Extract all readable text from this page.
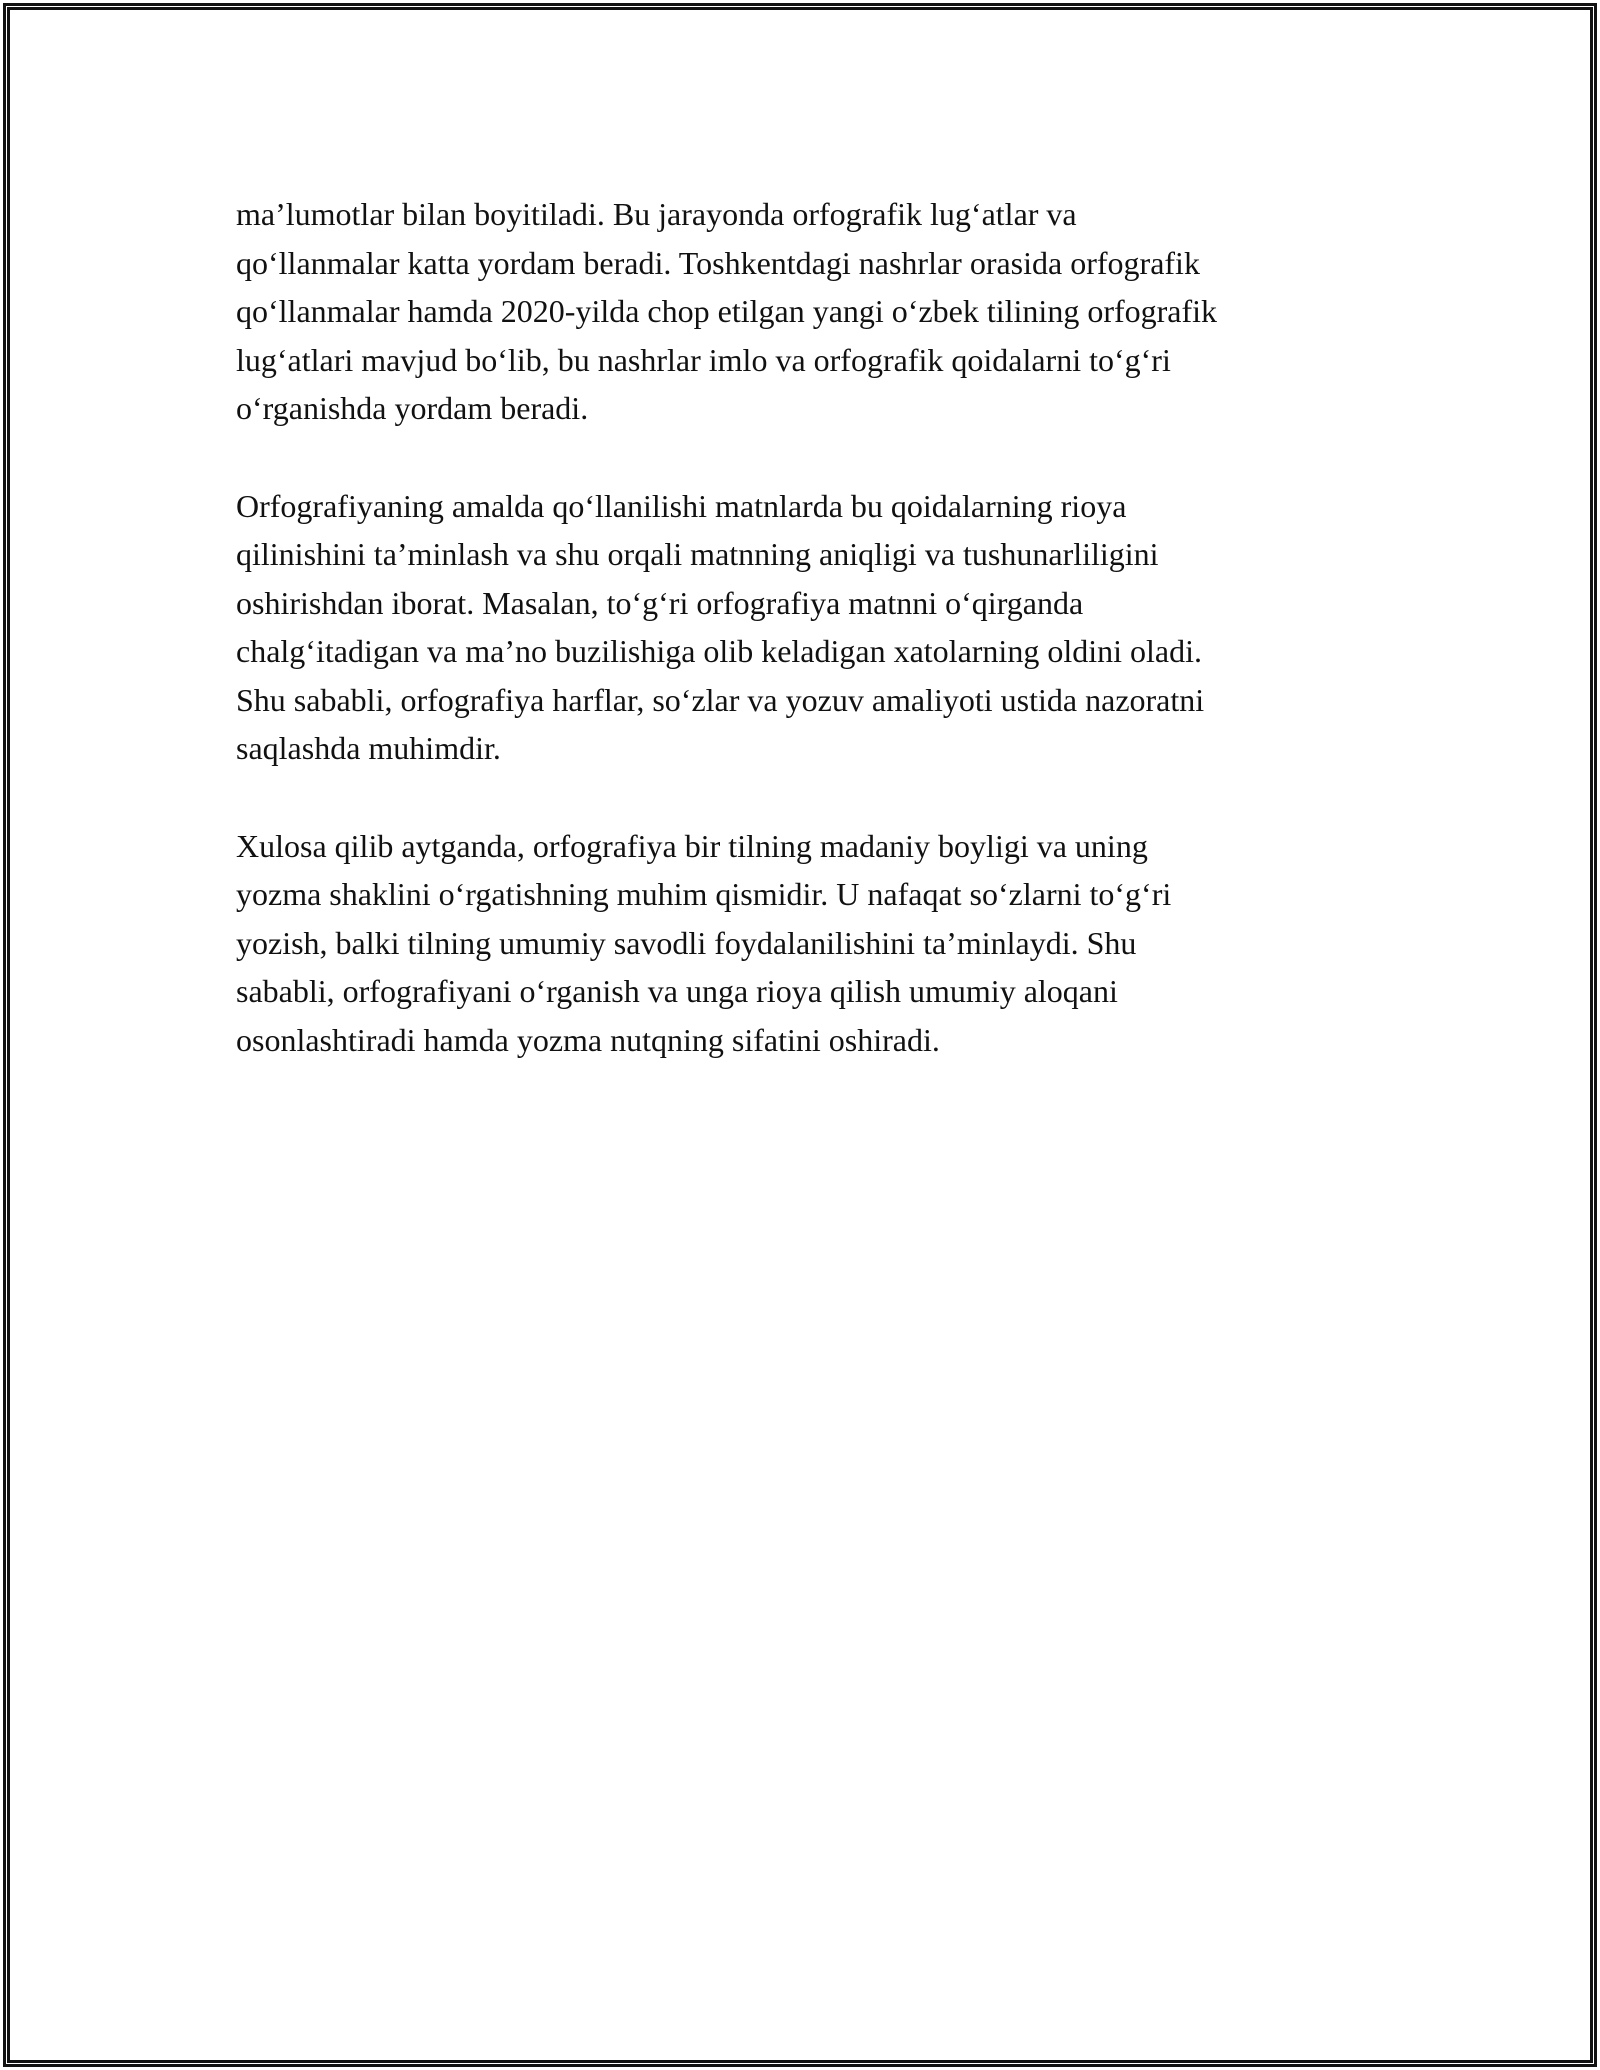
ma’lumotlar bilan boyitiladi. Bu jarayonda orfografik lug‘atlar va
qo‘llanmalar katta yordam beradi. Toshkentdagi nashrlar orasida orfografik
qo‘llanmalar hamda 2020-yilda chop etilgan yangi o‘zbek tilining orfografik
lug‘atlari mavjud bo‘lib, bu nashrlar imlo va orfografik qoidalarni to‘g‘ri
o‘rganishda yordam beradi.

Orfografiyaning amalda qo‘llanilishi matnlarda bu qoidalarning rioya
qilinishini ta’minlash va shu orqali matnning aniqligi va tushunarliligini
oshirishdan iborat. Masalan, to‘g‘ri orfografiya matnni o‘qirganda
chalg‘itadigan va ma’no buzilishiga olib keladigan xatolarning oldini oladi.
Shu sababli, orfografiya harflar, so‘zlar va yozuv amaliyoti ustida nazoratni
saqlashda muhimdir.

Xulosa qilib aytganda, orfografiya bir tilning madaniy boyligi va uning
yozma shaklini o‘rgatishning muhim qismidir. U nafaqat so‘zlarni to‘g‘ri
yozish, balki tilning umumiy savodli foydalanilishini ta’minlaydi. Shu
sababli, orfografiyani o‘rganish va unga rioya qilish umumiy aloqani
osonlashtiradi hamda yozma nutqning sifatini oshiradi.
